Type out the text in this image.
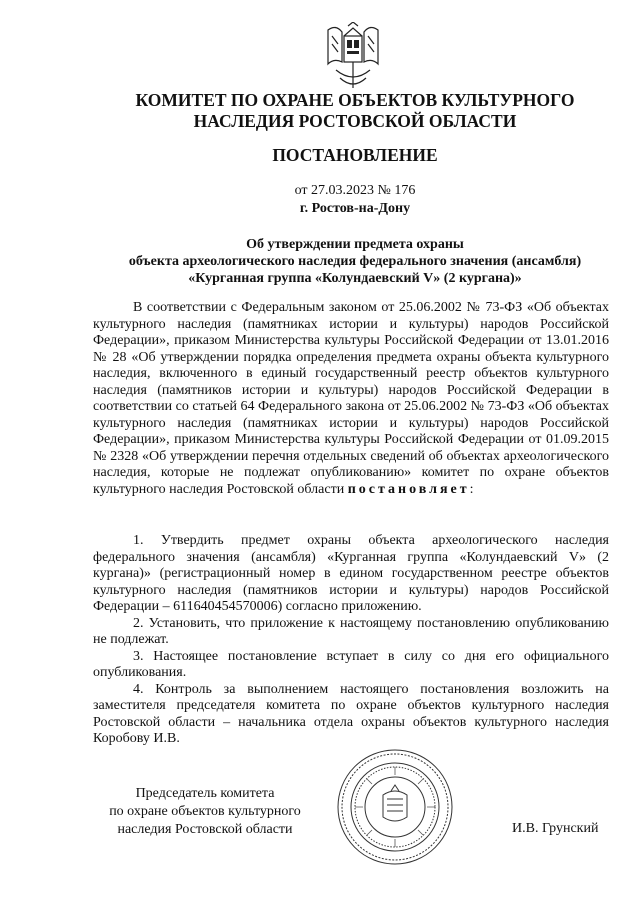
КОМИТЕТ ПО ОХРАНЕ ОБЪЕКТОВ КУЛЬТУРНОГО
НАСЛЕДИЯ РОСТОВСКОЙ ОБЛАСТИ
ПОСТАНОВЛЕНИЕ
от 27.03.2023 № 176
г. Ростов-на-Дону
Об утверждении предмета охраны
объекта археологического наследия федерального значения (ансамбля)
«Курганная группа «Колундаевский V» (2 кургана)»
В соответствии с Федеральным законом от 25.06.2002 № 73-ФЗ «Об объектах культурного наследия (памятниках истории и культуры) народов Российской Федерации», приказом Министерства культуры Российской Федерации от 13.01.2016 № 28 «Об утверждении порядка определения предмета охраны объекта культурного наследия, включенного в единый государственный реестр объектов культурного наследия (памятников истории и культуры) народов Российской Федерации в соответствии со статьей 64 Федерального закона от 25.06.2002 № 73-ФЗ «Об объектах культурного наследия (памятниках истории и культуры) народов Российской Федерации», приказом Министерства культуры Российской Федерации от 01.09.2015 № 2328 «Об утверждении перечня отдельных сведений об объектах археологического наследия, которые не подлежат опубликованию» комитет по охране объектов культурного наследия Ростовской области постановляет:

1. Утвердить предмет охраны объекта археологического наследия федерального значения (ансамбля) «Курганная группа «Колундаевский V» (2 кургана)» (регистрационный номер в едином государственном реестре объектов культурного наследия (памятников истории и культуры) народов Российской Федерации – 611640454570006) согласно приложению.

2. Установить, что приложение к настоящему постановлению опубликованию не подлежат.

3. Настоящее постановление вступает в силу со дня его официального опубликования.

4. Контроль за выполнением настоящего постановления возложить на заместителя председателя комитета по охране объектов культурного наследия Ростовской области – начальника отдела охраны объектов культурного наследия Коробову И.В.

Председатель комитета
по охране объектов культурного
наследия Ростовской области	И.В. Грунский
